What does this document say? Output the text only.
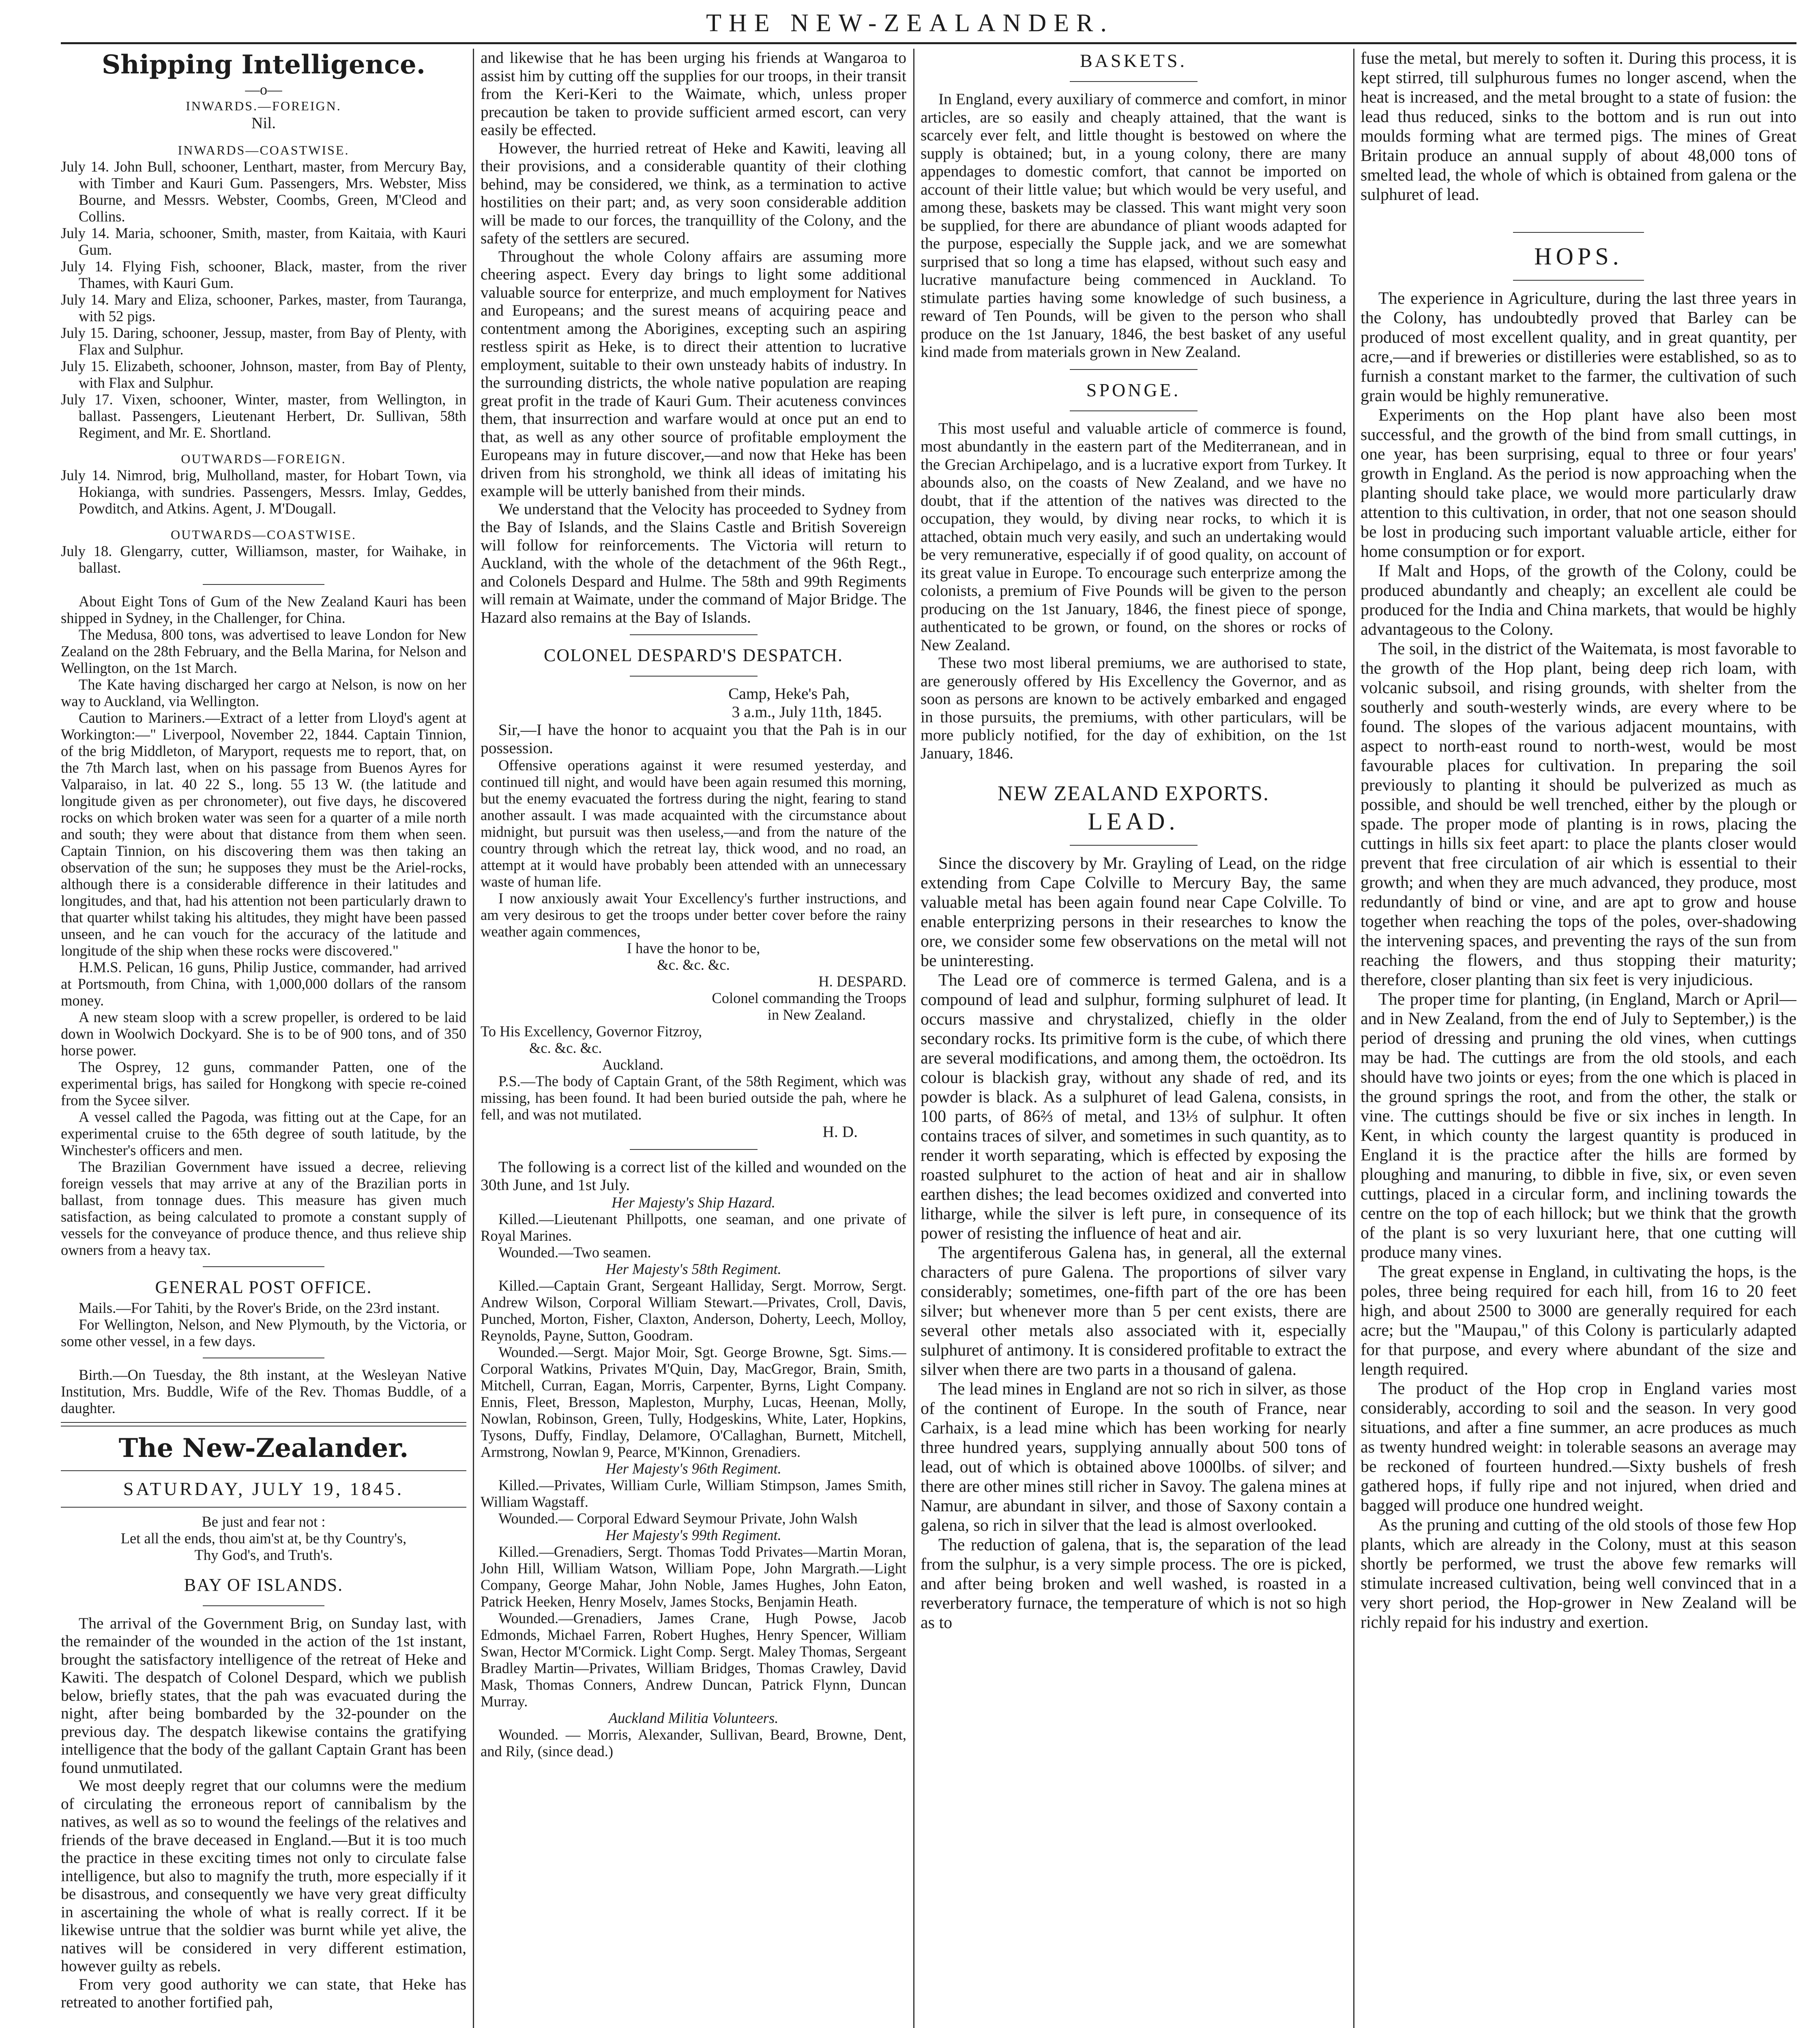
THE NEW-ZEALANDER.
Shipping Intelligence.
—o—
INWARDS.—FOREIGN.
Nil.
INWARDS—COASTWISE.

July 14. John Bull, schooner, Lenthart, master, from Mercury Bay, with Timber and Kauri Gum. Passengers, Mrs. Webster, Miss Bourne, and Messrs. Webster, Coombs, Green, M'Cleod and Collins.

July 14. Maria, schooner, Smith, master, from Kaitaia, with Kauri Gum.

July 14. Flying Fish, schooner, Black, master, from the river Thames, with Kauri Gum.

July 14. Mary and Eliza, schooner, Parkes, master, from Tauranga, with 52 pigs.

July 15. Daring, schooner, Jessup, master, from Bay of Plenty, with Flax and Sulphur.

July 15. Elizabeth, schooner, Johnson, master, from Bay of Plenty, with Flax and Sulphur.

July 17. Vixen, schooner, Winter, master, from Wellington, in ballast. Passengers, Lieutenant Herbert, Dr. Sullivan, 58th Regiment, and Mr. E. Shortland.

OUTWARDS—FOREIGN.

July 14. Nimrod, brig, Mulholland, master, for Hobart Town, via Hokianga, with sundries. Passengers, Messrs. Imlay, Geddes, Powditch, and Atkins. Agent, J. M'Dougall.

OUTWARDS—COASTWISE.

July 18. Glengarry, cutter, Williamson, master, for Waihake, in ballast.

About Eight Tons of Gum of the New Zealand Kauri has been shipped in Sydney, in the Challenger, for China.

The Medusa, 800 tons, was advertised to leave London for New Zealand on the 28th February, and the Bella Marina, for Nelson and Wellington, on the 1st March.

The Kate having discharged her cargo at Nelson, is now on her way to Auckland, via Wellington.

Caution to Mariners.—Extract of a letter from Lloyd's agent at Workington:—" Liverpool, November 22, 1844. Captain Tinnion, of the brig Middleton, of Maryport, requests me to report, that, on the 7th March last, when on his passage from Buenos Ayres for Valparaiso, in lat. 40 22 S., long. 55 13 W. (the latitude and longitude given as per chronometer), out five days, he discovered rocks on which broken water was seen for a quarter of a mile north and south; they were about that distance from them when seen. Captain Tinnion, on his discovering them was then taking an observation of the sun; he supposes they must be the Ariel-rocks, although there is a considerable difference in their latitudes and longitudes, and that, had his attention not been particularly drawn to that quarter whilst taking his altitudes, they might have been passed unseen, and he can vouch for the accuracy of the latitude and longitude of the ship when these rocks were discovered."

H.M.S. Pelican, 16 guns, Philip Justice, commander, had arrived at Portsmouth, from China, with 1,000,000 dollars of the ransom money.

A new steam sloop with a screw propeller, is ordered to be laid down in Woolwich Dockyard. She is to be of 900 tons, and of 350 horse power.

The Osprey, 12 guns, commander Patten, one of the experimental brigs, has sailed for Hongkong with specie re-coined from the Sycee silver.

A vessel called the Pagoda, was fitting out at the Cape, for an experimental cruise to the 65th degree of south latitude, by the Winchester's officers and men.

The Brazilian Government have issued a decree, relieving foreign vessels that may arrive at any of the Brazilian ports in ballast, from tonnage dues. This measure has given much satisfaction, as being calculated to promote a constant supply of vessels for the conveyance of produce thence, and thus relieve ship owners from a heavy tax.

GENERAL POST OFFICE.

Mails.—For Tahiti, by the Rover's Bride, on the 23rd instant.

For Wellington, Nelson, and New Plymouth, by the Victoria, or some other vessel, in a few days.

Birth.—On Tuesday, the 8th instant, at the Wesleyan Native Institution, Mrs. Buddle, Wife of the Rev. Thomas Buddle, of a daughter.

The New-Zealander.
SATURDAY, JULY 19, 1845.
Be just and fear not :
Let all the ends, thou aim'st at, be thy Country's,
Thy God's, and Truth's.
BAY OF ISLANDS.

The arrival of the Government Brig, on Sunday last, with the remainder of the wounded in the action of the 1st instant, brought the satisfactory intelligence of the retreat of Heke and Kawiti. The despatch of Colonel Despard, which we publish below, briefly states, that the pah was evacuated during the night, after being bombarded by the 32-pounder on the previous day. The despatch likewise contains the gratifying intelligence that the body of the gallant Captain Grant has been found unmutilated.

We most deeply regret that our columns were the medium of circulating the erroneous report of cannibalism by the natives, as well as so to wound the feelings of the relatives and friends of the brave deceased in England.—But it is too much the practice in these exciting times not only to circulate false intelligence, but also to magnify the truth, more especially if it be disastrous, and consequently we have very great difficulty in ascertaining the whole of what is really correct. If it be likewise untrue that the soldier was burnt while yet alive, the natives will be considered in very different estimation, however guilty as rebels.

From very good authority we can state, that Heke has retreated to another fortified pah,

and likewise that he has been urging his friends at Wangaroa to assist him by cutting off the supplies for our troops, in their transit from the Keri-Keri to the Waimate, which, unless proper precaution be taken to provide sufficient armed escort, can very easily be effected.

However, the hurried retreat of Heke and Kawiti, leaving all their provisions, and a considerable quantity of their clothing behind, may be considered, we think, as a termination to active hostilities on their part; and, as very soon considerable addition will be made to our forces, the tranquillity of the Colony, and the safety of the settlers are secured.

Throughout the whole Colony affairs are assuming more cheering aspect. Every day brings to light some additional valuable source for enterprize, and much employment for Natives and Europeans; and the surest means of acquiring peace and contentment among the Aborigines, excepting such an aspiring restless spirit as Heke, is to direct their attention to lucrative employment, suitable to their own unsteady habits of industry. In the surrounding districts, the whole native population are reaping great profit in the trade of Kauri Gum. Their acuteness convinces them, that insurrection and warfare would at once put an end to that, as well as any other source of profitable employment the Europeans may in future discover,—and now that Heke has been driven from his stronghold, we think all ideas of imitating his example will be utterly banished from their minds.

We understand that the Velocity has proceeded to Sydney from the Bay of Islands, and the Slains Castle and British Sovereign will follow for reinforcements. The Victoria will return to Auckland, with the whole of the detachment of the 96th Regt., and Colonels Despard and Hulme. The 58th and 99th Regiments will remain at Waimate, under the command of Major Bridge. The Hazard also remains at the Bay of Islands.

COLONEL DESPARD'S DESPATCH.
Camp, Heke's Pah,
3 a.m., July 11th, 1845.

Sir,—I have the honor to acquaint you that the Pah is in our possession.

Offensive operations against it were resumed yesterday, and continued till night, and would have been again resumed this morning, but the enemy evacuated the fortress during the night, fearing to stand another assault. I was made acquainted with the circumstance about midnight, but pursuit was then useless,—and from the nature of the country through which the retreat lay, thick wood, and no road, an attempt at it would have probably been attended with an unnecessary waste of human life.

I now anxiously await Your Excellency's further instructions, and am very desirous to get the troops under better cover before the rainy weather again commences,

I have the honor to be,
&c. &c. &c.
H. DESPARD.
Colonel commanding the Troops
in New Zealand.
To His Excellency, Governor Fitzroy,
&c. &c. &c.
Auckland.

P.S.—The body of Captain Grant, of the 58th Regiment, which was missing, has been found. It had been buried outside the pah, where he fell, and was not mutilated.

H. D.

The following is a correct list of the killed and wounded on the 30th June, and 1st July.

Her Majesty's Ship Hazard.

Killed.—Lieutenant Phillpotts, one seaman, and one private of Royal Marines.

Wounded.—Two seamen.

Her Majesty's 58th Regiment.

Killed.—Captain Grant, Sergeant Halliday, Sergt. Morrow, Sergt. Andrew Wilson, Corporal William Stewart.—Privates, Croll, Davis, Punched, Morton, Fisher, Claxton, Anderson, Doherty, Leech, Molloy, Reynolds, Payne, Sutton, Goodram.

Wounded.—Sergt. Major Moir, Sgt. George Browne, Sgt. Sims.—Corporal Watkins, Privates M'Quin, Day, MacGregor, Brain, Smith, Mitchell, Curran, Eagan, Morris, Carpenter, Byrns, Light Company. Ennis, Fleet, Bresson, Mapleston, Murphy, Lucas, Heenan, Molly, Nowlan, Robinson, Green, Tully, Hodgeskins, White, Later, Hopkins, Tysons, Duffy, Findlay, Delamore, O'Callaghan, Burnett, Mitchell, Armstrong, Nowlan 9, Pearce, M'Kinnon, Grenadiers.

Her Majesty's 96th Regiment.

Killed.—Privates, William Curle, William Stimpson, James Smith, William Wagstaff.

Wounded.— Corporal Edward Seymour Private, John Walsh

Her Majesty's 99th Regiment.

Killed.—Grenadiers, Sergt. Thomas Todd Privates—Martin Moran, John Hill, William Watson, William Pope, John Margrath.—Light Company, George Mahar, John Noble, James Hughes, John Eaton, Patrick Heeken, Henry Moselv, James Stocks, Benjamin Heath.

Wounded.—Grenadiers, James Crane, Hugh Powse, Jacob Edmonds, Michael Farren, Robert Hughes, Henry Spencer, William Swan, Hector M'Cormick. Light Comp. Sergt. Maley Thomas, Sergeant Bradley Martin—Privates, William Bridges, Thomas Crawley, David Mask, Thomas Conners, Andrew Duncan, Patrick Flynn, Duncan Murray.

Auckland Militia Volunteers.

Wounded. — Morris, Alexander, Sullivan, Beard, Browne, Dent, and Rily, (since dead.)

BASKETS.

In England, every auxiliary of commerce and comfort, in minor articles, are so easily and cheaply attained, that the want is scarcely ever felt, and little thought is bestowed on where the supply is obtained; but, in a young colony, there are many appendages to domestic comfort, that cannot be imported on account of their little value; but which would be very useful, and among these, baskets may be classed. This want might very soon be supplied, for there are abundance of pliant woods adapted for the purpose, especially the Supple jack, and we are somewhat surprised that so long a time has elapsed, without such easy and lucrative manufacture being commenced in Auckland. To stimulate parties having some knowledge of such business, a reward of Ten Pounds, will be given to the person who shall produce on the 1st January, 1846, the best basket of any useful kind made from materials grown in New Zealand.

SPONGE.

This most useful and valuable article of commerce is found, most abundantly in the eastern part of the Mediterranean, and in the Grecian Archipelago, and is a lucrative export from Turkey. It abounds also, on the coasts of New Zealand, and we have no doubt, that if the attention of the natives was directed to the occupation, they would, by diving near rocks, to which it is attached, obtain much very easily, and such an undertaking would be very remunerative, especially if of good quality, on account of its great value in Europe. To encourage such enterprize among the colonists, a premium of Five Pounds will be given to the person producing on the 1st January, 1846, the finest piece of sponge, authenticated to be grown, or found, on the shores or rocks of New Zealand.

These two most liberal premiums, we are authorised to state, are generously offered by His Excellency the Governor, and as soon as persons are known to be actively embarked and engaged in those pursuits, the premiums, with other particulars, will be more publicly notified, for the day of exhibition, on the 1st January, 1846.

NEW ZEALAND EXPORTS.
LEAD.

Since the discovery by Mr. Grayling of Lead, on the ridge extending from Cape Colville to Mercury Bay, the same valuable metal has been again found near Cape Colville. To enable enterprizing persons in their researches to know the ore, we consider some few observations on the metal will not be uninteresting.

The Lead ore of commerce is termed Galena, and is a compound of lead and sulphur, forming sulphuret of lead. It occurs massive and chrystalized, chiefly in the older secondary rocks. Its primitive form is the cube, of which there are several modifications, and among them, the octoëdron. Its colour is blackish gray, without any shade of red, and its powder is black. As a sulphuret of lead Galena, consists, in 100 parts, of 86⅔ of metal, and 13⅓ of sulphur. It often contains traces of silver, and sometimes in such quantity, as to render it worth separating, which is effected by exposing the roasted sulphuret to the action of heat and air in shallow earthen dishes; the lead becomes oxidized and converted into litharge, while the silver is left pure, in consequence of its power of resisting the influence of heat and air.

The argentiferous Galena has, in general, all the external characters of pure Galena. The proportions of silver vary considerably; sometimes, one-fifth part of the ore has been silver; but whenever more than 5 per cent exists, there are several other metals also associated with it, especially sulphuret of antimony. It is considered profitable to extract the silver when there are two parts in a thousand of galena.

The lead mines in England are not so rich in silver, as those of the continent of Europe. In the south of France, near Carhaix, is a lead mine which has been working for nearly three hundred years, supplying annually about 500 tons of lead, out of which is obtained above 1000lbs. of silver; and there are other mines still richer in Savoy. The galena mines at Namur, are abundant in silver, and those of Saxony contain a galena, so rich in silver that the lead is almost overlooked.

The reduction of galena, that is, the separation of the lead from the sulphur, is a very simple process. The ore is picked, and after being broken and well washed, is roasted in a reverberatory furnace, the temperature of which is not so high as to

fuse the metal, but merely to soften it. During this process, it is kept stirred, till sulphurous fumes no longer ascend, when the heat is increased, and the metal brought to a state of fusion: the lead thus reduced, sinks to the bottom and is run out into moulds forming what are termed pigs. The mines of Great Britain produce an annual supply of about 48,000 tons of smelted lead, the whole of which is obtained from galena or the sulphuret of lead.

HOPS.

The experience in Agriculture, during the last three years in the Colony, has undoubtedly proved that Barley can be produced of most excellent quality, and in great quantity, per acre,—and if breweries or distilleries were established, so as to furnish a constant market to the farmer, the cultivation of such grain would be highly remunerative.

Experiments on the Hop plant have also been most successful, and the growth of the bind from small cuttings, in one year, has been surprising, equal to three or four years' growth in England. As the period is now approaching when the planting should take place, we would more particularly draw attention to this cultivation, in order, that not one season should be lost in producing such important valuable article, either for home consumption or for export.

If Malt and Hops, of the growth of the Colony, could be produced abundantly and cheaply; an excellent ale could be produced for the India and China markets, that would be highly advantageous to the Colony.

The soil, in the district of the Waitemata, is most favorable to the growth of the Hop plant, being deep rich loam, with volcanic subsoil, and rising grounds, with shelter from the southerly and south-westerly winds, are every where to be found. The slopes of the various adjacent mountains, with aspect to north-east round to north-west, would be most favourable places for cultivation. In preparing the soil previously to planting it should be pulverized as much as possible, and should be well trenched, either by the plough or spade. The proper mode of planting is in rows, placing the cuttings in hills six feet apart: to place the plants closer would prevent that free circulation of air which is essential to their growth; and when they are much advanced, they produce, most redundantly of bind or vine, and are apt to grow and house together when reaching the tops of the poles, over-shadowing the intervening spaces, and preventing the rays of the sun from reaching the flowers, and thus stopping their maturity; therefore, closer planting than six feet is very injudicious.

The proper time for planting, (in England, March or April—and in New Zealand, from the end of July to September,) is the period of dressing and pruning the old vines, when cuttings may be had. The cuttings are from the old stools, and each should have two joints or eyes; from the one which is placed in the ground springs the root, and from the other, the stalk or vine. The cuttings should be five or six inches in length. In Kent, in which county the largest quantity is produced in England it is the practice after the hills are formed by ploughing and manuring, to dibble in five, six, or even seven cuttings, placed in a circular form, and inclining towards the centre on the top of each hillock; but we think that the growth of the plant is so very luxuriant here, that one cutting will produce many vines.

The great expense in England, in cultivating the hops, is the poles, three being required for each hill, from 16 to 20 feet high, and about 2500 to 3000 are generally required for each acre; but the "Maupau," of this Colony is particularly adapted for that purpose, and every where abundant of the size and length required.

The product of the Hop crop in England varies most considerably, according to soil and the season. In very good situations, and after a fine summer, an acre produces as much as twenty hundred weight: in tolerable seasons an average may be reckoned of fourteen hundred.—Sixty bushels of fresh gathered hops, if fully ripe and not injured, when dried and bagged will produce one hundred weight.

As the pruning and cutting of the old stools of those few Hop plants, which are already in the Colony, must at this season shortly be performed, we trust the above few remarks will stimulate increased cultivation, being well convinced that in a very short period, the Hop-grower in New Zealand will be richly repaid for his industry and exertion.
